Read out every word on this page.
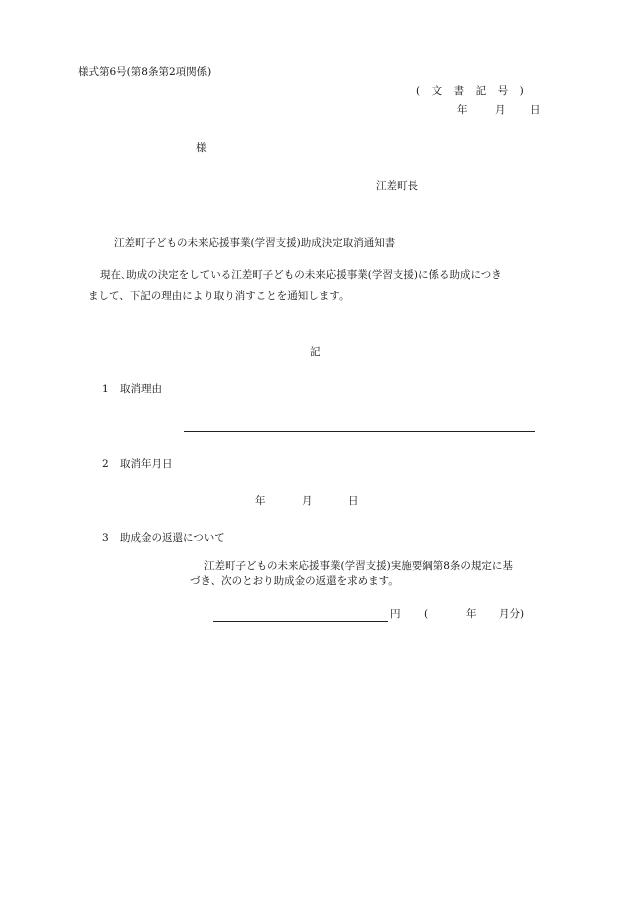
様式第6号(第8条第2項関係)
(　文　書　記　号　)
年	月 日
様
江差町長
江差町子どもの未来応援事業(学習支援)助成決定取消通知書
現在､助成の決定をしている江差町子どもの未来応援事業(学習支援)に係る助成につき
まして、下記の理由により取り消すことを通知します。
記
1 取消理由
2 取消年月日
年	月	日
3 助成金の返還について
江差町子どもの未来応援事業(学習支援)実施要綱第8条の規定に基
づき、次のとおり助成金の返還を求めます。
円 (	年 月分)
